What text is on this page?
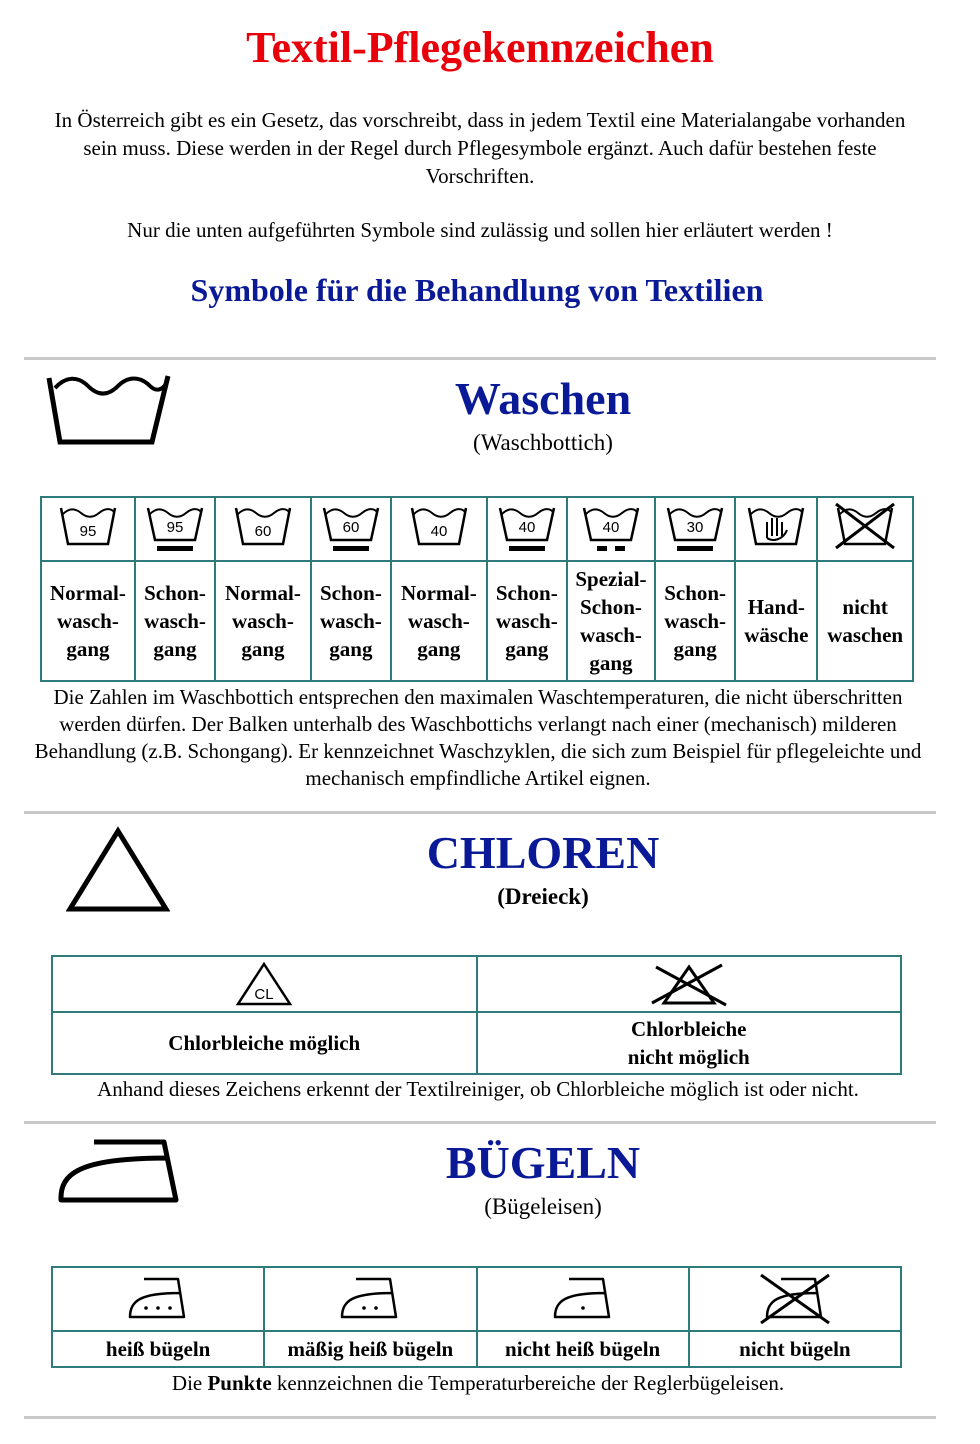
Textil-Pflegekennzeichen
In Österreich gibt es ein Gesetz, das vorschreibt, dass in jedem Textil eine Materialangabe vorhanden sein muss. Diese werden in der Regel durch Pflegesymbole ergänzt. Auch dafür bestehen feste Vorschriften.
Nur die unten aufgeführten Symbole sind zulässig und sollen hier erläutert werden !
Symbole für die Behandlung von Textilien
Waschen
(Waschbottich)
95	95	60	60	40	40	40	30

Normal-
wasch-
gang	Schon-
wasch-
gang	Normal-
wasch-
gang	Schon-
wasch-
gang	Normal-
wasch-
gang	Schon-
wasch-
gang	Spezial-
Schon-
wasch-
gang	Schon-
wasch-
gang	Hand-
wäsche	nicht
waschen
Die Zahlen im Waschbottich entsprechen den maximalen Waschtemperaturen, die nicht überschritten werden dürfen. Der Balken unterhalb des Waschbottichs verlangt nach einer (mechanisch) milderen Behandlung (z.B. Schongang). Er kennzeichnet Waschzyklen, die sich zum Beispiel für pflegeleichte und mechanisch empfindliche Artikel eignen.
CHLOREN
(Dreieck)
CL

Chlorbleiche möglich	Chlorbleiche
nicht möglich
Anhand dieses Zeichens erkennt der Textilreiniger, ob Chlorbleiche möglich ist oder nicht.
BÜGELN
(Bügeleisen)

heiß bügeln	mäßig heiß bügeln	nicht heiß bügeln	nicht bügeln
Die Punkte kennzeichnen die Temperaturbereiche der Reglerbügeleisen.
